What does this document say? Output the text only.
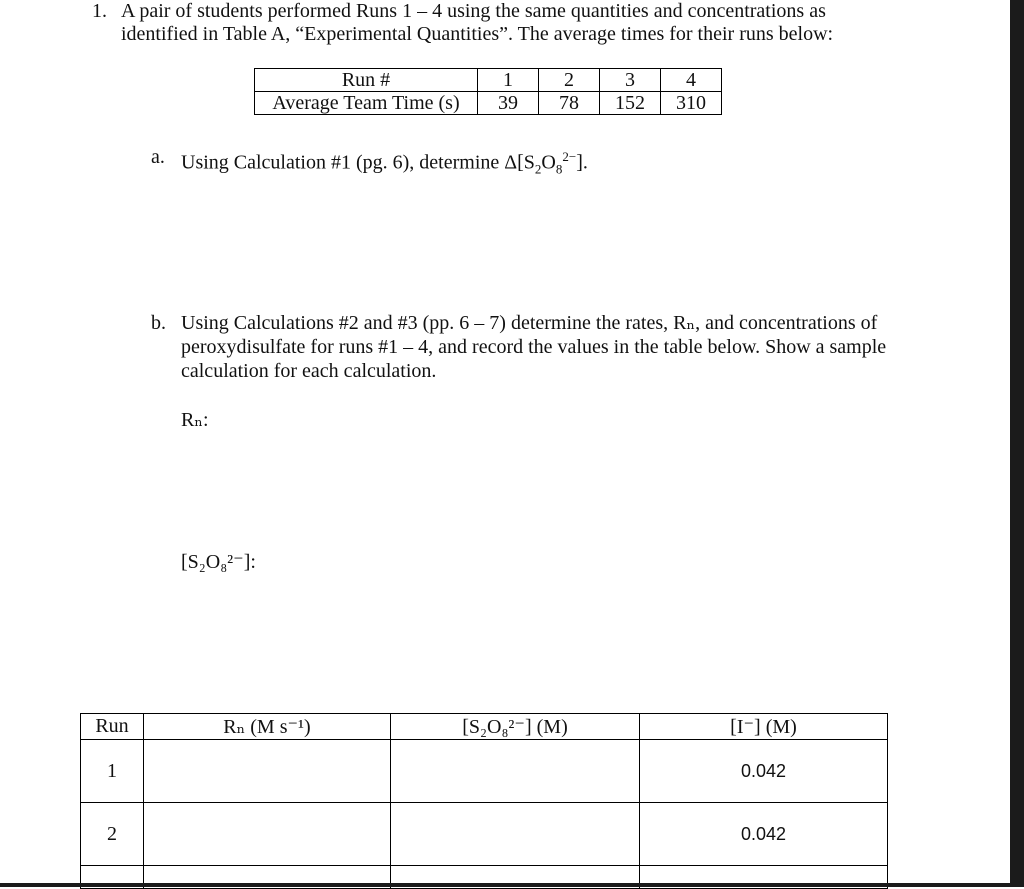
1. A pair of students performed Runs 1 – 4 using the same quantities and concentrations as identified in Table A, “Experimental Quantities”. The average times for their runs below:
Run #	1	2	3	4
Average Team Time (s)	39	78	152	310
a. Using Calculation #1 (pg. 6), determine $\Delta[S_2O_8^{2-}]$.
b. Using Calculations #2 and #3 (pp. 6 – 7) determine the rates, Rₙ, and concentrations of peroxydisulfate for runs #1 – 4, and record the values in the table below. Show a sample calculation for each calculation.
Rₙ:
[S₂O₈²⁻]:
Run	Rₙ (M s⁻¹)	[S₂O₈²⁻] (M)	[I⁻] (M)
1			0.042
2			0.042
